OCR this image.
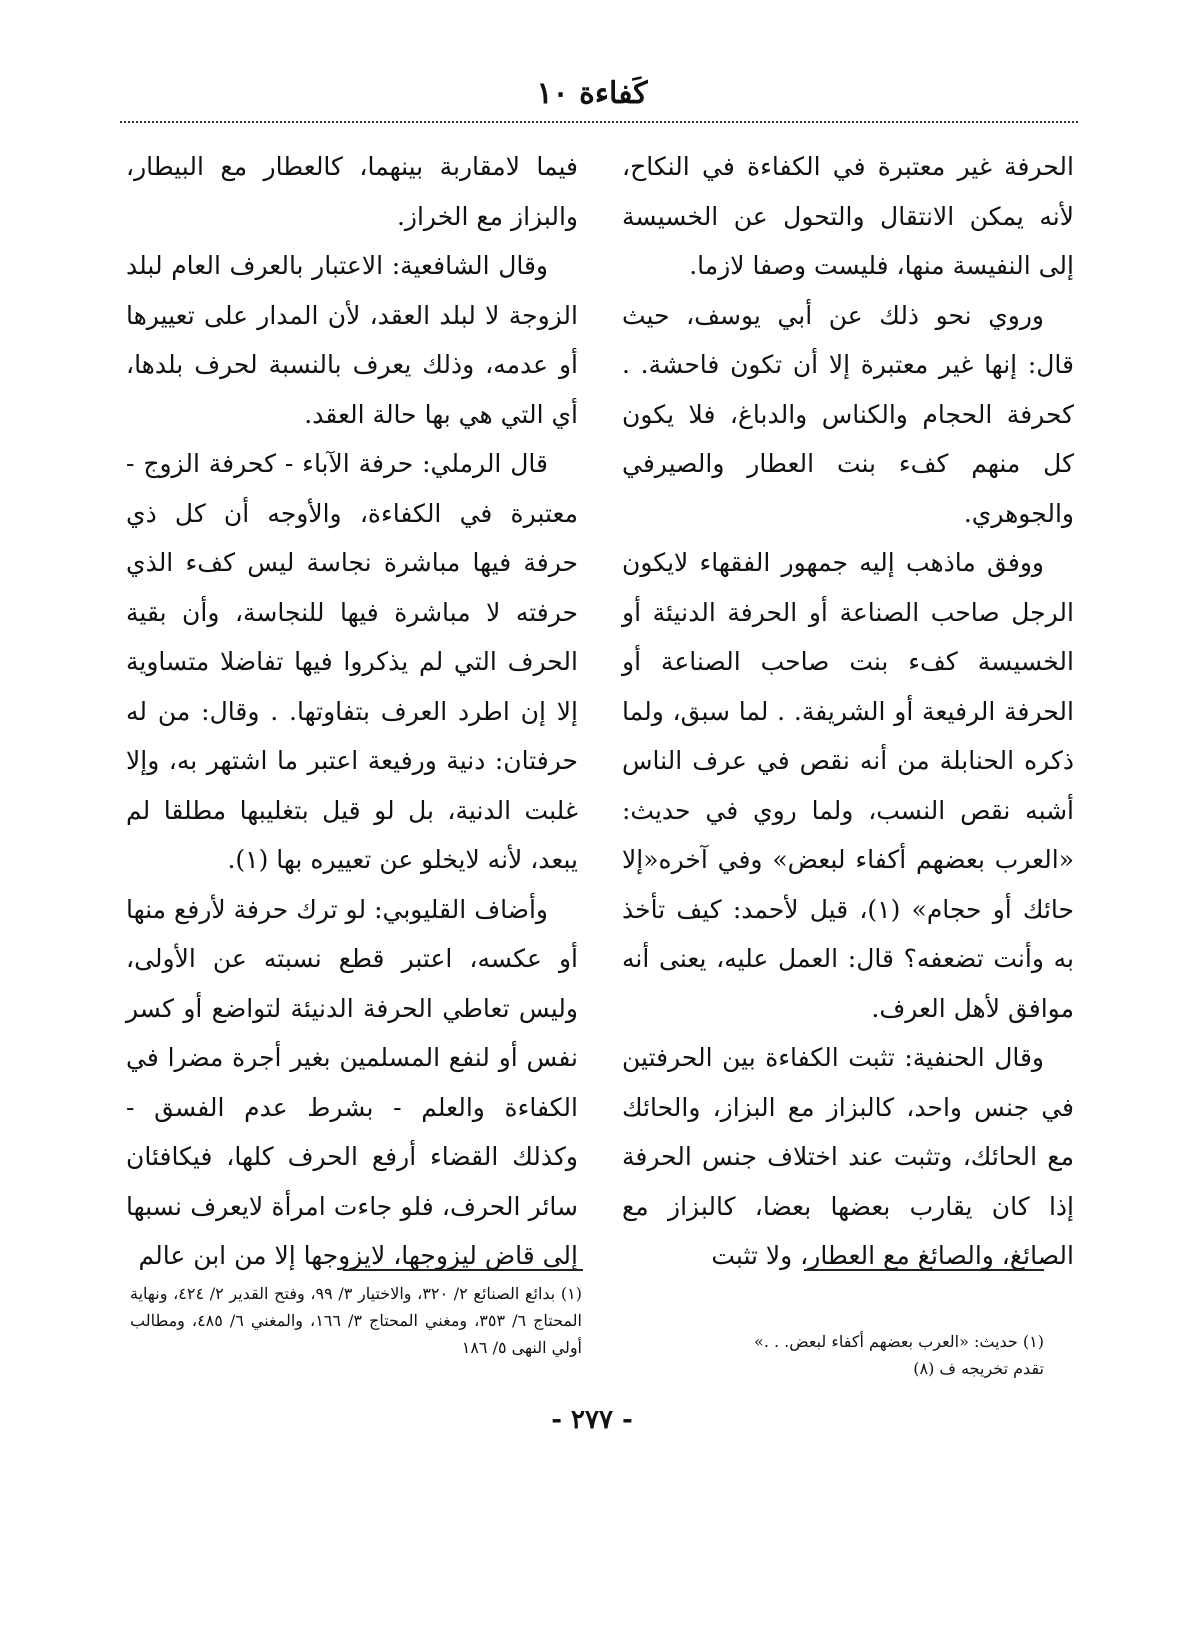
كَفاءة ١٠

الحرفة غير معتبرة في الكفاءة في النكاح، لأنه يمكن الانتقال والتحول عن الخسيسة إلى النفيسة منها، فليست وصفا لازما.

وروي نحو ذلك عن أبي يوسف، حيث قال: إنها غير معتبرة إلا أن تكون فاحشة. . كحرفة الحجام والكناس والدباغ، فلا يكون كل منهم كفء بنت العطار والصيرفي والجوهري.

ووفق ماذهب إليه جمهور الفقهاء لايكون الرجل صاحب الصناعة أو الحرفة الدنيئة أو الخسيسة كفء بنت صاحب الصناعة أو الحرفة الرفيعة أو الشريفة. . لما سبق، ولما ذكره الحنابلة من أنه نقص في عرف الناس أشبه نقص النسب، ولما روي في حديث: «العرب بعضهم أكفاء لبعض» وفي آخره«إلا حائك أو حجام» (١)، قيل لأحمد: كيف تأخذ به وأنت تضعفه؟ قال: العمل عليه، يعنى أنه موافق لأهل العرف.

وقال الحنفية: تثبت الكفاءة بين الحرفتين في جنس واحد، كالبزاز مع البزاز، والحائك مع الحائك، وتثبت عند اختلاف جنس الحرفة إذا كان يقارب بعضها بعضا، كالبزاز مع الصائغ، والصائغ مع العطار، ولا تثبت

فيما لامقاربة بينهما، كالعطار مع البيطار، والبزاز مع الخراز.

وقال الشافعية: الاعتبار بالعرف العام لبلد الزوجة لا لبلد العقد، لأن المدار على تعييرها أو عدمه، وذلك يعرف بالنسبة لحرف بلدها، أي التي هي بها حالة العقد.

قال الرملي: حرفة الآباء - كحرفة الزوج - معتبرة في الكفاءة، والأوجه أن كل ذي حرفة فيها مباشرة نجاسة ليس كفء الذي حرفته لا مباشرة فيها للنجاسة، وأن بقية الحرف التي لم يذكروا فيها تفاضلا متساوية إلا إن اطرد العرف بتفاوتها. . وقال: من له حرفتان: دنية ورفيعة اعتبر ما اشتهر به، وإلا غلبت الدنية، بل لو قيل بتغليبها مطلقا لم يبعد، لأنه لايخلو عن تعييره بها (١).

وأضاف القليوبي: لو ترك حرفة لأرفع منها أو عكسه، اعتبر قطع نسبته عن الأولى، وليس تعاطي الحرفة الدنيئة لتواضع أو كسر نفس أو لنفع المسلمين بغير أجرة مضرا في الكفاءة والعلم - بشرط عدم الفسق - وكذلك القضاء أرفع الحرف كلها، فيكافئان سائر الحرف، فلو جاءت امرأة لايعرف نسبها إلى قاض ليزوجها، لايزوجها إلا من ابن عالم

(١) حديث: «العرب بعضهم أكفاء لبعض. . .»

تقدم تخريجه ف (٨)

(١) بدائع الصنائع ٢/ ٣٢٠، والاختيار ٣/ ٩٩، وفتح القدير ٢/ ٤٢٤، ونهاية المحتاج ٦/ ٣٥٣، ومغني المحتاج ٣/ ١٦٦، والمغني ٦/ ٤٨٥، ومطالب أولي النهى ٥/ ١٨٦

- ٢٧٧ -
